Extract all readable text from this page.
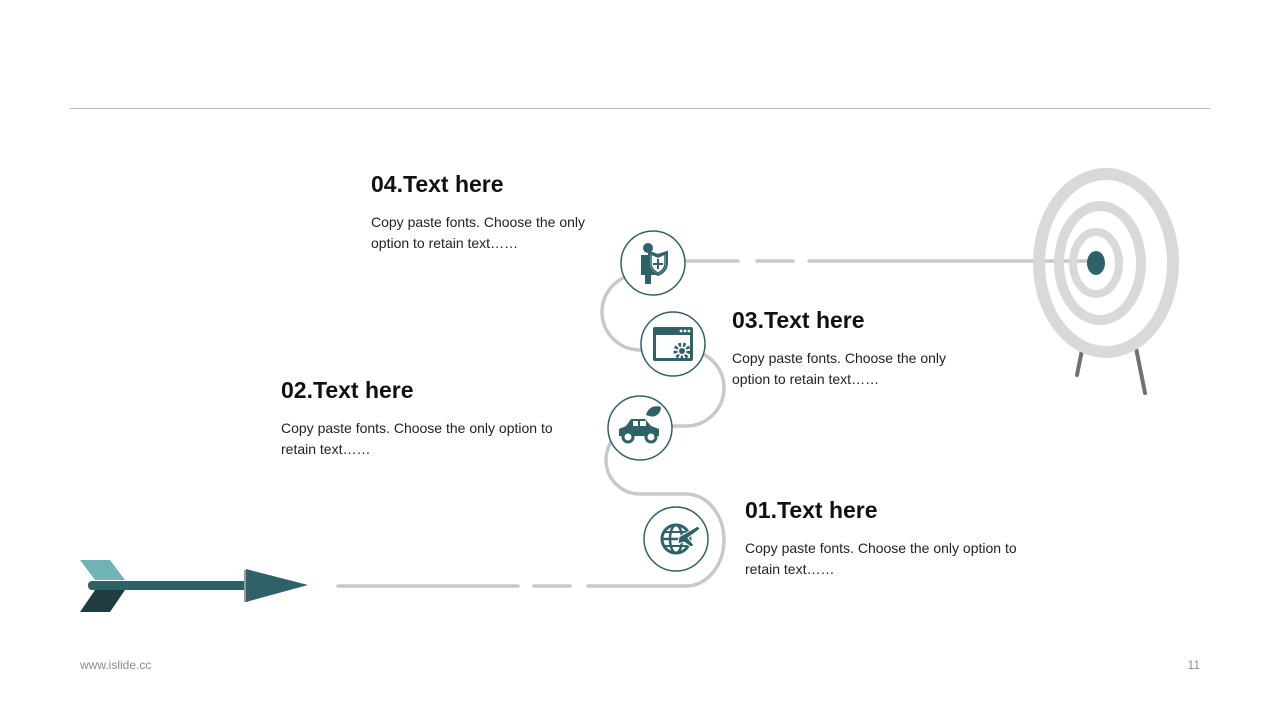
04.Text here

Copy paste fonts. Choose the only option to retain text……

03.Text here

Copy paste fonts. Choose the only option to retain text……

02.Text here

Copy paste fonts. Choose the only option to retain text……

01.Text here

Copy paste fonts. Choose the only option to retain text……

www.islide.cc	11
